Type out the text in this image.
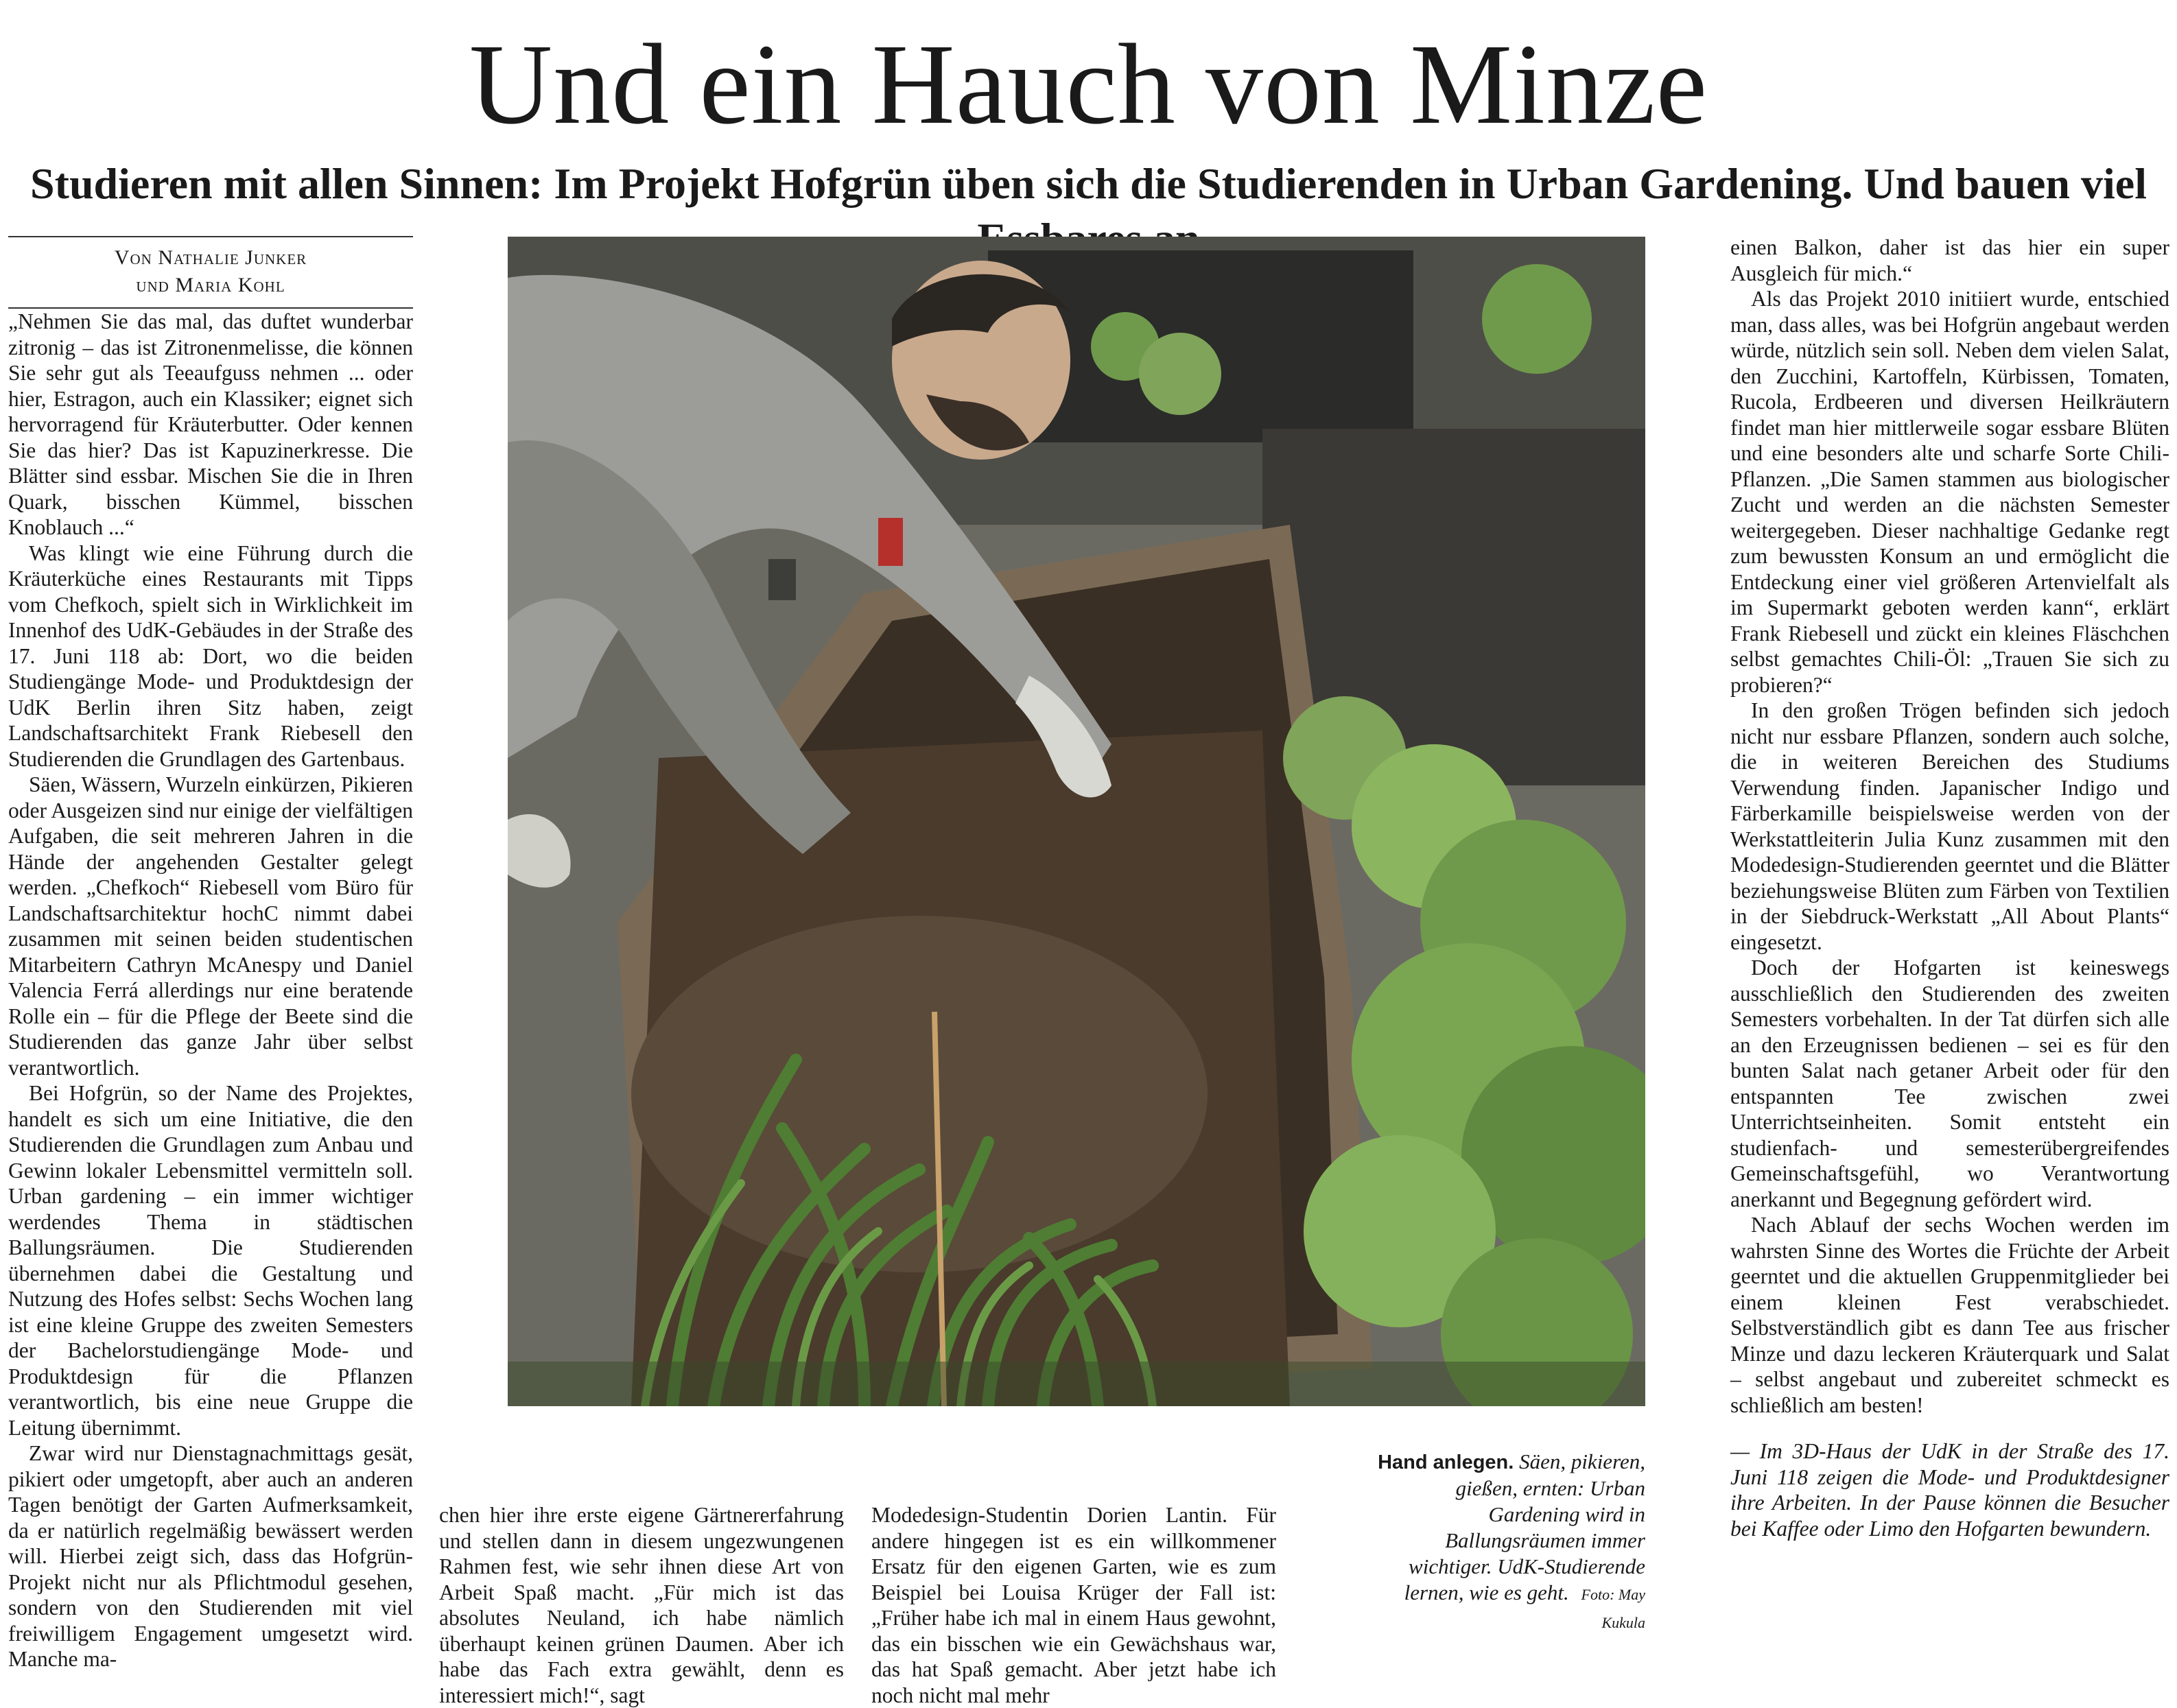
Und ein Hauch von Minze
Studieren mit allen Sinnen: Im Projekt Hofgrün üben sich die Studierenden in Urban Gardening. Und bauen viel
Von Nathalie Junker
und Maria Kohl

„Nehmen Sie das mal, das duftet wunderbar zitronig – das ist Zitronenmelisse, die können Sie sehr gut als Teeaufguss nehmen ... oder hier, Estragon, auch ein Klassiker; eignet sich hervorragend für Kräuterbutter. Oder kennen Sie das hier? Das ist Kapuzinerkresse. Die Blätter sind essbar. Mischen Sie die in Ihren Quark, bisschen Kümmel, bisschen Knoblauch ...“

Was klingt wie eine Führung durch die Kräuterküche eines Restaurants mit Tipps vom Chefkoch, spielt sich in Wirklichkeit im Innenhof des UdK-Gebäudes in der Straße des 17. Juni 118 ab: Dort, wo die beiden Studiengänge Mode- und Produktdesign der UdK Berlin ihren Sitz haben, zeigt Landschaftsarchitekt Frank Riebesell den Studierenden die Grundlagen des Gartenbaus.

Säen, Wässern, Wurzeln einkürzen, Pikieren oder Ausgeizen sind nur einige der vielfältigen Aufgaben, die seit mehreren Jahren in die Hände der angehenden Gestalter gelegt werden. „Chefkoch“ Riebesell vom Büro für Landschaftsarchitektur hochC nimmt dabei zusammen mit seinen beiden studentischen Mitarbeitern Cathryn McAnespy und Daniel Valencia Ferrá allerdings nur eine beratende Rolle ein – für die Pflege der Beete sind die Studierenden das ganze Jahr über selbst verantwortlich.

Bei Hofgrün, so der Name des Projektes, handelt es sich um eine Initiative, die den Studierenden die Grundlagen zum Anbau und Gewinn lokaler Lebensmittel vermitteln soll. Urban gardening – ein immer wichtiger werdendes Thema in städtischen Ballungsräumen. Die Studierenden übernehmen dabei die Gestaltung und Nutzung des Hofes selbst: Sechs Wochen lang ist eine kleine Gruppe des zweiten Semesters der Bachelorstudiengänge Mode- und Produktdesign für die Pflanzen verantwortlich, bis eine neue Gruppe die Leitung übernimmt.

Zwar wird nur Dienstagnachmittags gesät, pikiert oder umgetopft, aber auch an anderen Tagen benötigt der Garten Aufmerksamkeit, da er natürlich regelmäßig bewässert werden will. Hierbei zeigt sich, dass das Hofgrün-Projekt nicht nur als Pflichtmodul gesehen, sondern von den Studierenden mit viel freiwilligem Engagement umgesetzt wird. Manche ma-

Hand anlegen. Säen, pikieren, gießen, ernten: Urban Gardening wird in Ballungsräumen immer wichtiger. UdK-Studierende lernen, wie es geht. Foto: May Kukula

chen hier ihre erste eigene Gärtnererfahrung und stellen dann in diesem ungezwungenen Rahmen fest, wie sehr ihnen diese Art von Arbeit Spaß macht. „Für mich ist das absolutes Neuland, ich habe nämlich überhaupt keinen grünen Daumen. Aber ich habe das Fach extra gewählt, denn es interessiert mich!“, sagt

Modedesign-Studentin Dorien Lantin. Für andere hingegen ist es ein willkommener Ersatz für den eigenen Garten, wie es zum Beispiel bei Louisa Krüger der Fall ist: „Früher habe ich mal in einem Haus gewohnt, das ein bisschen wie ein Gewächshaus war, das hat Spaß gemacht. Aber jetzt habe ich noch nicht mal mehr

einen Balkon, daher ist das hier ein super Ausgleich für mich.“

Als das Projekt 2010 initiiert wurde, entschied man, dass alles, was bei Hofgrün angebaut werden würde, nützlich sein soll. Neben dem vielen Salat, den Zucchini, Kartoffeln, Kürbissen, Tomaten, Rucola, Erdbeeren und diversen Heilkräutern findet man hier mittlerweile sogar essbare Blüten und eine besonders alte und scharfe Sorte Chili-Pflanzen. „Die Samen stammen aus biologischer Zucht und werden an die nächsten Semester weitergegeben. Dieser nachhaltige Gedanke regt zum bewussten Konsum an und ermöglicht die Entdeckung einer viel größeren Artenvielfalt als im Supermarkt geboten werden kann“, erklärt Frank Riebesell und zückt ein kleines Fläschchen selbst gemachtes Chili-Öl: „Trauen Sie sich zu probieren?“

In den großen Trögen befinden sich jedoch nicht nur essbare Pflanzen, sondern auch solche, die in weiteren Bereichen des Studiums Verwendung finden. Japanischer Indigo und Färberkamille beispielsweise werden von der Werkstattleiterin Julia Kunz zusammen mit den Modedesign-Studierenden geerntet und die Blätter beziehungsweise Blüten zum Färben von Textilien in der Siebdruck-Werkstatt „All About Plants“ eingesetzt.

Doch der Hofgarten ist keineswegs ausschließlich den Studierenden des zweiten Semesters vorbehalten. In der Tat dürfen sich alle an den Erzeugnissen bedienen – sei es für den bunten Salat nach getaner Arbeit oder für den entspannten Tee zwischen zwei Unterrichtseinheiten. Somit entsteht ein studienfach- und semesterübergreifendes Gemeinschaftsgefühl, wo Verantwortung anerkannt und Begegnung gefördert wird.

Nach Ablauf der sechs Wochen werden im wahrsten Sinne des Wortes die Früchte der Arbeit geerntet und die aktuellen Gruppenmitglieder bei einem kleinen Fest verabschiedet. Selbstverständlich gibt es dann Tee aus frischer Minze und dazu leckeren Kräuterquark und Salat – selbst angebaut und zubereitet schmeckt es schließlich am besten!

— Im 3D-Haus der UdK in der Straße des 17. Juni 118 zeigen die Mode- und Produktdesigner ihre Arbeiten. In der Pause können die Besucher bei Kaffee oder Limo den Hofgarten bewundern.
